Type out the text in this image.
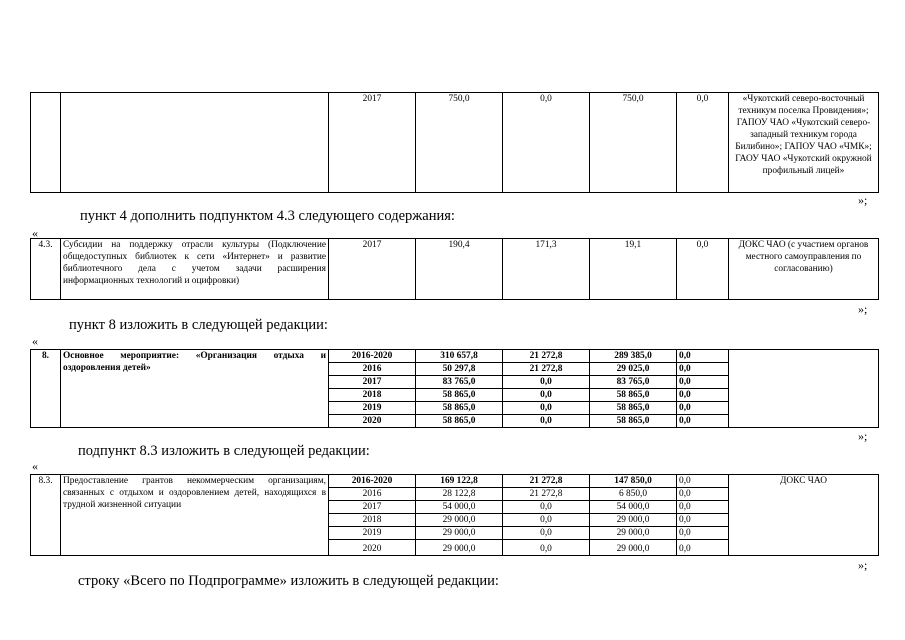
		2017	750,0	0,0	750,0	0,0	«Чукотский северо-восточный техникум поселка Провидения»; ГАПОУ ЧАО «Чукотский северо-западный техникум города Билибино»; ГАПОУ ЧАО «ЧМК»; ГАОУ ЧАО «Чукотский окружной профильный лицей»
»;
пункт 4 дополнить подпунктом 4.3 следующего содержания:
«
4.3.	Субсидии на поддержку отрасли культуры (Подключение общедоступных библиотек к сети «Интернет» и развитие библиотечного дела с учетом задачи расширения информационных технологий и оцифровки)	2017	190,4	171,3	19,1	0,0	ДОКС ЧАО (с участием органов местного самоуправления по согласованию)
»;
пункт 8 изложить в следующей редакции:
«
8.	Основное мероприятие: «Организация отдыха и оздоровления детей»	2016-2020	310 657,8	21 272,8	289 385,0	0,0	
		2016	50 297,8	21 272,8	29 025,0	0,0	
		2017	83 765,0	0,0	83 765,0	0,0	
		2018	58 865,0	0,0	58 865,0	0,0	
		2019	58 865,0	0,0	58 865,0	0,0	
		2020	58 865,0	0,0	58 865,0	0,0	
»;
подпункт 8.3 изложить в следующей редакции:
«
8.3.	Предоставление грантов некоммерческим организациям, связанных с отдыхом и оздоровлением детей, находящихся в трудной жизненной ситуации	2016-2020	169 122,8	21 272,8	147 850,0	0,0	ДОКС ЧАО
		2016	28 122,8	21 272,8	6 850,0	0,0	
		2017	54 000,0	0,0	54 000,0	0,0	
		2018	29 000,0	0,0	29 000,0	0,0	
		2019	29 000,0	0,0	29 000,0	0,0	
		2020	29 000,0	0,0	29 000,0	0,0	
»;
строку «Всего по Подпрограмме» изложить в следующей редакции:
